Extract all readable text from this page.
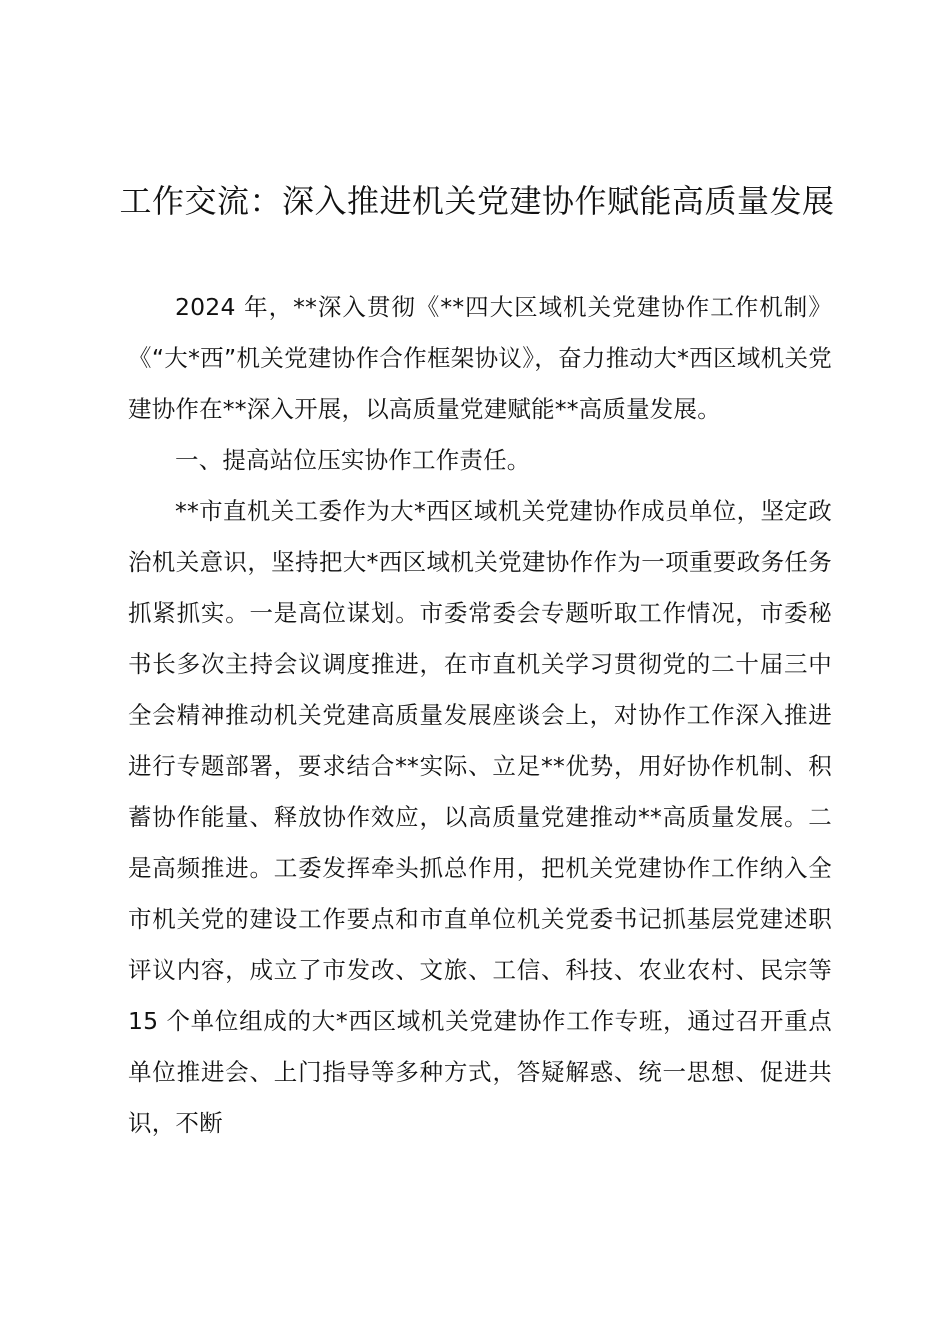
工作交流：深入推进机关党建协作赋能高质量发展

2024 年，**深入贯彻《**四大区域机关党建协作工作机制》《“大*西”机关党建协作合作框架协议》，奋力推动大*西区域机关党建协作在**深入开展，以高质量党建赋能**高质量发展。

一、提高站位压实协作工作责任。

**市直机关工委作为大*西区域机关党建协作成员单位，坚定政治机关意识，坚持把大*西区域机关党建协作作为一项重要政务任务抓紧抓实。一是高位谋划。市委常委会专题听取工作情况，市委秘书长多次主持会议调度推进，在市直机关学习贯彻党的二十届三中全会精神推动机关党建高质量发展座谈会上，对协作工作深入推进进行专题部署，要求结合**实际、立足**优势，用好协作机制、积蓄协作能量、释放协作效应，以高质量党建推动**高质量发展。二是高频推进。工委发挥牵头抓总作用，把机关党建协作工作纳入全市机关党的建设工作要点和市直单位机关党委书记抓基层党建述职评议内容，成立了市发改、文旅、工信、科技、农业农村、民宗等 15 个单位组成的大*西区域机关党建协作工作专班，通过召开重点单位推进会、上门指导等多种方式，答疑解惑、统一思想、促进共识，不断
